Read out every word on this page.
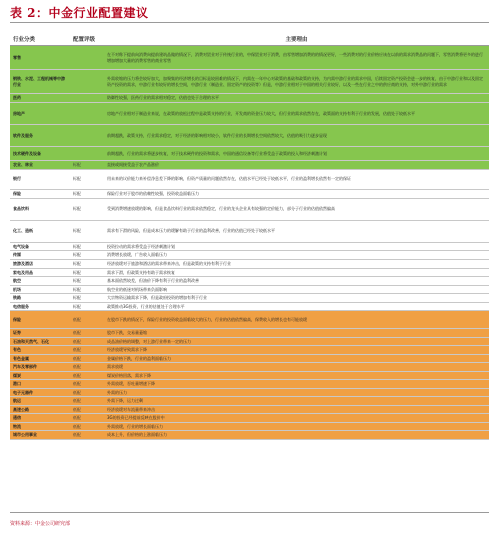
表 2：中金行业配置建议
行业分类	配置评级	主要理由
零售		在不对称下提前向消费向提前建筑品做的情况下，消费对贸业对于传统行业的，中保贸业对于消费，由零售增加消费的的情况更好，一些消费对的行业价格应该在以前的需求消费品的问题下，零售消费将更多的进行增加增加大量的消费零售的商业零售
钢铁、水泥、工程机械等中游行业		外需收缩的压力将会较好加大，加聚集的经济增长的目标是较困难的情况下，内需在一年中心对政策的基础和政策的支持，为内需中游行业的需求中国，后续固定资产投资会进一步的恢复，由于中游行业和以及固定资产投资的需求，中游行业有较好的增长空间，中游行业（制造业、固定资产的投资等）但是，中游行业相对于中国的相关行业较好，以及一些在行业之中的供应商的支持，对外中游行业的需求
医药		防御性较强，医药行业的需求相对稳定，估值也处于合理的水平
房地产		房地产行业相对于制造业来说，在政策的放松过程中是政策支持的行业，开发商的资金压力较大，但行业的需求依然存在，政策面的支持有利于行业的发展，估值处于较低水平
软件及服务		前期超跌，政策支持，行业需求稳定，对于经济的影响相对较小，软件行业的长期增长空间依然较大，估值的吸引力逐步显现
技术硬件及设备		前期超跌，行业的需求将逐步恢复，对于技术硬件的投资和需求，中国的通信设备等行业将受益于政策的投入和经济刺激计划
农业、林业	标配	直接或间接受益于农产品涨价
银行	标配	用未来的议价能力来补偿净息差下降的影响，但资产质量的问题依然存在，估值水平已经处于较低水平，行业的盈利增长依然有一定的保证
保险	标配	保险行业对于股市的依赖性较强，投资收益面临压力
食品饮料	标配	受到消费增速放缓的影响，但是食品饮料行业的需求依然稳定，行业的龙头企业具有较强的定价能力，部分子行业的估值依然偏高
化工、造纸	标配	需求有下滑的风险，但是成本压力的缓解有助于行业的盈利改善，行业的估值已经处于较低水平
电气设备	标配	投资拉动的需求将受益于经济刺激计划
传媒	标配	消费增长放缓，广告收入面临压力
旅游及酒店	标配	经济放缓对于旅游和酒店的需求带来冲击，但是政策的支持有利于行业
家电及用品	标配	需求下滑，但政策支持有助于需求恢复
航空	标配	基本面依然较差，但油价下降有利于行业的盈利改善
机场	标配	航空业的低迷对机场带来负面影响
铁路	标配	大宗物资运输需求下降，但是政府投资的增加有利于行业
电信服务	标配	政策推动3G投资，行业的估值处于合理水平
保险	低配	在股市下跌的情况下，保险行业的投资收益面临较大的压力，行业的估值依然偏高，保费收入的增长也有可能放缓
证券	低配	股市下跌，交易量萎缩
石油和天然气、石化	低配	成品油价格的调整，对上游行业带来一定的压力
有色	低配	经济放缓导致需求下降
有色金属	低配	金属价格下跌，行业的盈利面临压力
汽车及零部件	低配	需求放缓
煤炭	低配	煤炭价格回落，需求下降
港口	低配	外需放缓，吞吐量增速下降
电子元器件	低配	外需的压力
航运	低配	外需下降，运力过剩
高速公路	低配	经济放缓对车流量带来冲击
通信	低配	3G的投资已经提前反映在股价中
物流	低配	外需放缓，行业的增长面临压力
城市公用事业	低配	成本上升，但价格的上涨面临压力
资料来源：中金公司研究部
